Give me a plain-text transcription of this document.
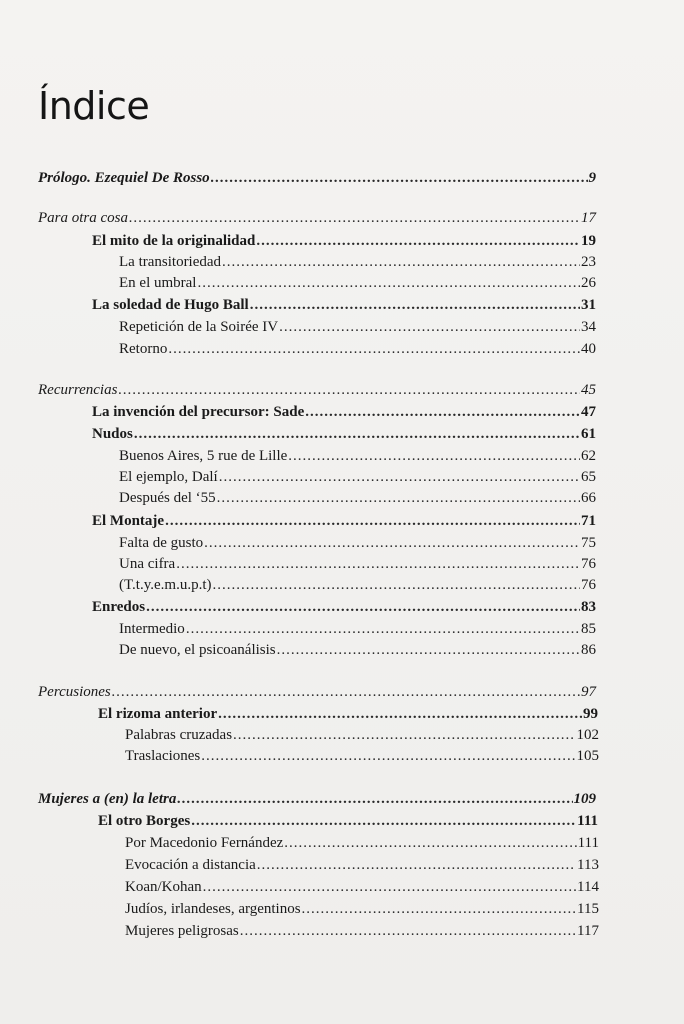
Índice
Prólogo. Ezequiel De Rosso .....	9
Para otra cosa .....	17
El mito de la originalidad .....	19
La transitoriedad .....	23
En el umbral .....	26
La soledad de Hugo Ball .....	31
Repetición de la Soirée IV .....	34
Retorno .....	40
Recurrencias .....	45
La invención del precursor: Sade .....	47
Nudos .....	61
Buenos Aires, 5 rue de Lille .....	62
El ejemplo, Dalí .....	65
Después del ‘55 .....	66
El Montaje .....	71
Falta de gusto .....	75
Una cifra .....	76
(T.t.y.e.m.u.p.t) .....	76
Enredos .....	83
Intermedio .....	85
De nuevo, el psicoanálisis .....	86
Percusiones .....	97
El rizoma anterior .....	99
Palabras cruzadas .....	102
Traslaciones .....	105
Mujeres a (en) la letra .....	109
El otro Borges .....	111
Por Macedonio Fernández .....	111
Evocación a distancia .....	113
Koan/Kohan .....	114
Judíos, irlandeses, argentinos .....	115
Mujeres peligrosas .....	117
